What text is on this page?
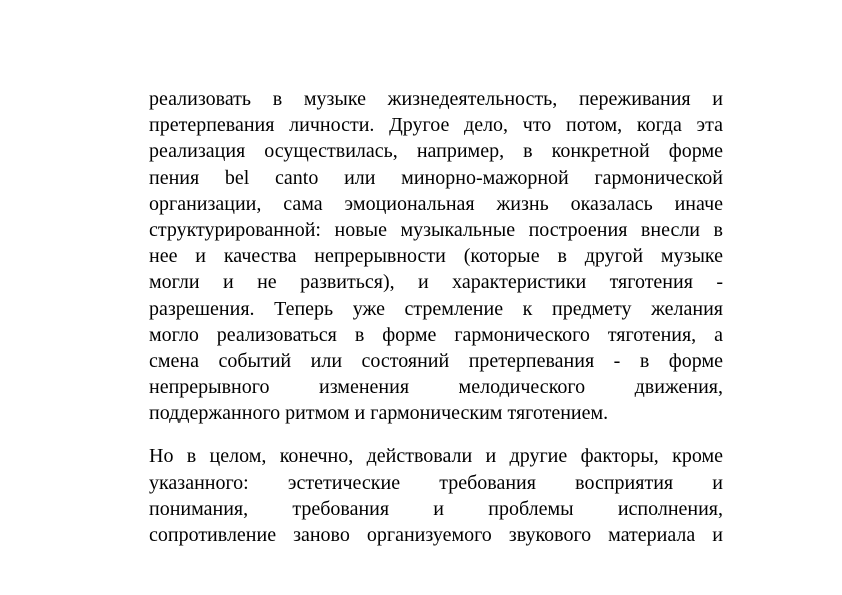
реализовать в музыке жизнедеятельность, переживания и
претерпевания личности. Другое дело, что потом, когда эта
реализация осуществилась, например, в конкретной форме
пения bel canto или минорно-мажорной гармонической
организации, сама эмоциональная жизнь оказалась иначе
структурированной: новые музыкальные построения внесли в
нее и качества непрерывности (которые в другой музыке
могли и не развиться), и характеристики тяготения -
разрешения. Теперь уже стремление к предмету желания
могло реализоваться в форме гармонического тяготения, а
смена событий или состояний претерпевания - в форме
непрерывного изменения мелодического движения,
поддержанного ритмом и гармоническим тяготением.
Но в целом, конечно, действовали и другие факторы, кроме
указанного: эстетические требования восприятия и
понимания, требования и проблемы исполнения,
сопротивление заново организуемого звукового материала и
